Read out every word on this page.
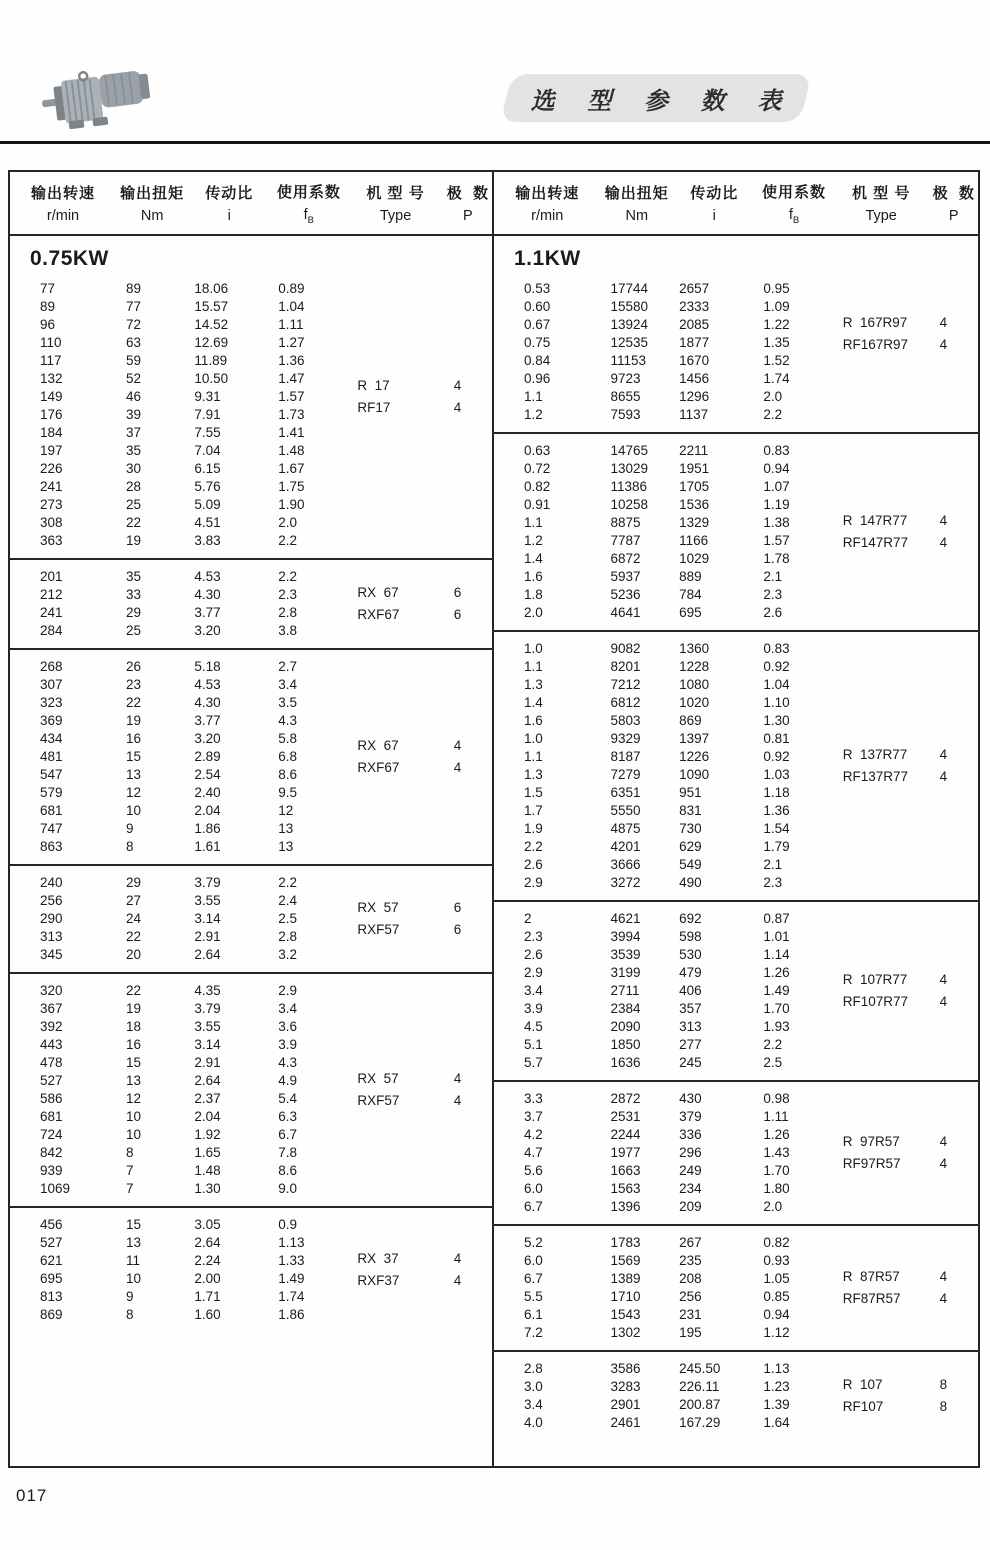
选 型 参 数 表
输出转速
r/min
输出扭矩
Nm
传动比
i
使用系数
$f_B$
机 型 号
Type
极  数
P
0.75KW
77	89	18.06	0.89
89	77	15.57	1.04
96	72	14.52	1.11
110	63	12.69	1.27
117	59	11.89	1.36
132	52	10.50	1.47
149	46	9.31	1.57
176	39	7.91	1.73
184	37	7.55	1.41
197	35	7.04	1.48
226	30	6.15	1.67
241	28	5.76	1.75
273	25	5.09	1.90
308	22	4.51	2.0
363	19	3.83	2.2
R  17	4
RF17	4
201	35	4.53	2.2
212	33	4.30	2.3
241	29	3.77	2.8
284	25	3.20	3.8
RX  67	6
RXF67	6
268	26	5.18	2.7
307	23	4.53	3.4
323	22	4.30	3.5
369	19	3.77	4.3
434	16	3.20	5.8
481	15	2.89	6.8
547	13	2.54	8.6
579	12	2.40	9.5
681	10	2.04	12
747	9	1.86	13
863	8	1.61	13
RX  67	4
RXF67	4
240	29	3.79	2.2
256	27	3.55	2.4
290	24	3.14	2.5
313	22	2.91	2.8
345	20	2.64	3.2
RX  57	6
RXF57	6
320	22	4.35	2.9
367	19	3.79	3.4
392	18	3.55	3.6
443	16	3.14	3.9
478	15	2.91	4.3
527	13	2.64	4.9
586	12	2.37	5.4
681	10	2.04	6.3
724	10	1.92	6.7
842	8	1.65	7.8
939	7	1.48	8.6
1069	7	1.30	9.0
RX  57	4
RXF57	4
456	15	3.05	0.9
527	13	2.64	1.13
621	11	2.24	1.33
695	10	2.00	1.49
813	9	1.71	1.74
869	8	1.60	1.86
RX  37	4
RXF37	4
输出转速
r/min
输出扭矩
Nm
传动比
i
使用系数
$f_B$
机 型 号
Type
极  数
P
1.1KW
0.53	17744	2657	0.95
0.60	15580	2333	1.09
0.67	13924	2085	1.22
0.75	12535	1877	1.35
0.84	11153	1670	1.52
0.96	9723	1456	1.74
1.1	8655	1296	2.0
1.2	7593	1137	2.2
R  167R97	4
RF167R97	4
0.63	14765	2211	0.83
0.72	13029	1951	0.94
0.82	11386	1705	1.07
0.91	10258	1536	1.19
1.1	8875	1329	1.38
1.2	7787	1166	1.57
1.4	6872	1029	1.78
1.6	5937	889	2.1
1.8	5236	784	2.3
2.0	4641	695	2.6
R  147R77	4
RF147R77	4
1.0	9082	1360	0.83
1.1	8201	1228	0.92
1.3	7212	1080	1.04
1.4	6812	1020	1.10
1.6	5803	869	1.30
1.0	9329	1397	0.81
1.1	8187	1226	0.92
1.3	7279	1090	1.03
1.5	6351	951	1.18
1.7	5550	831	1.36
1.9	4875	730	1.54
2.2	4201	629	1.79
2.6	3666	549	2.1
2.9	3272	490	2.3
R  137R77	4
RF137R77	4
2	4621	692	0.87
2.3	3994	598	1.01
2.6	3539	530	1.14
2.9	3199	479	1.26
3.4	2711	406	1.49
3.9	2384	357	1.70
4.5	2090	313	1.93
5.1	1850	277	2.2
5.7	1636	245	2.5
R  107R77	4
RF107R77	4
3.3	2872	430	0.98
3.7	2531	379	1.11
4.2	2244	336	1.26
4.7	1977	296	1.43
5.6	1663	249	1.70
6.0	1563	234	1.80
6.7	1396	209	2.0
R  97R57	4
RF97R57	4
5.2	1783	267	0.82
6.0	1569	235	0.93
6.7	1389	208	1.05
5.5	1710	256	0.85
6.1	1543	231	0.94
7.2	1302	195	1.12
R  87R57	4
RF87R57	4
2.8	3586	245.50	1.13
3.0	3283	226.11	1.23
3.4	2901	200.87	1.39
4.0	2461	167.29	1.64
R  107	8
RF107	8
017
